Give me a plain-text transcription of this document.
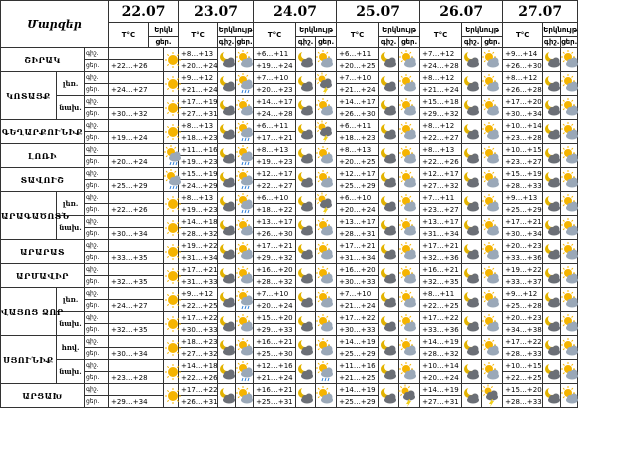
Մարզեր			22.07			23.07			24.07			25.07			26.07			27.07		
			T°C	Երկն		T°C	Երկնույթ		T°C	Երկնույթ		T°C	Երկնույթ		T°C	Երկնույթ		T°C	Երկնույթ	
				ցեր.			գիշ.	ցեր.		գիշ.	ցեր.		գիշ.	ցեր.		գիշ.	ցեր.		գիշ.	ցեր.
ՇԻՐԱԿ		գիշ.				+8…+13			+6…+11			+6…+11			+7…+12			+9…+14	

		ցեր.	+22…+26			+20…+24			+19…+24			+20…+25			+24…+28			+26…+30		
ԿՈՏԱՅՔ	լեռ.	գիշ.				+9…+12			+7…+10			+7…+10			+8…+12			+8…+12	

		ցեր.	+24…+27			+21…+24			+20…+23			+21…+24			+21…+24			+26…+28		
	նախ.	գիշ.				+17…+19			+14…+17			+14…+17			+15…+18			+17…+20	

		ցեր.	+30…+32			+27…+31			+24…+28			+26…+30			+29…+32			+30…+34		
ԳԵՂԱՐՔՈՒՆԻՔ		գիշ.				+8…+13			+6…+11			+6…+11			+8…+12			+10…+14	

		ցեր.	+19…+24			+18…+23			+17…+21			+18…+23			+22…+27			+23…+28		
ԼՈՌԻ		գիշ.				+11…+16			+8…+13			+8…+13			+8…+13			+10…+15	

		ցեր.	+20…+24			+19…+23			+19…+23			+20…+25			+22…+26			+23…+27		
ՏԱՎՈՒՇ		գիշ.				+15…+19			+12…+17			+12…+17			+12…+17			+15…+19	

		ցեր.	+25…+29			+24…+29			+22…+27			+25…+29			+27…+32			+28…+33		
ԱՐԱԳԱԾՈՏՆ	լեռ.	գիշ.				+8…+13			+6…+10			+6…+10			+7…+11			+9…+13	

		ցեր.	+22…+26			+19…+23			+18…+22			+20…+24			+23…+27			+25…+29		
	նախ.	գիշ.				+14…+18			+13…+17			+13…+17			+13…+17			+17…+21	

		ցեր.	+30…+34			+28…+32			+26…+30			+28…+31			+31…+34			+30…+34		
ԱՐԱՐԱՏ		գիշ.				+19…+22			+17…+21			+17…+21			+17…+21			+20…+23	

		ցեր.	+33…+35			+31…+34			+29…+32			+31…+34			+32…+36			+33…+36		
ԱՐՄԱՎԻՐ		գիշ.				+17…+21			+16…+20			+16…+20			+16…+21			+19…+22	

		ցեր.	+32…+35			+31…+33			+28…+32			+30…+33			+32…+35			+33…+37		
ՎԱՅՈՑ ՁՈՐ	լեռ.	գիշ.				+9…+12			+7…+10			+7…+10			+8…+11			+9…+12	

		ցեր.	+24…+27			+22…+25			+20…+24			+21…+24			+22…+25			+25…+28		
	նախ.	գիշ.				+17…+22			+15…+20			+17…+22			+17…+22			+20…+23	

		ցեր.	+32…+35			+30…+33			+29…+33			+30…+33			+33…+36			+34…+38		
ՍՅՈՒՆԻՔ	հով.	գիշ.				+18…+23			+16…+21			+14…+19			+14…+19			+17…+22	

		ցեր.	+30…+34			+27…+32			+25…+30			+25…+29			+28…+32			+28…+33		
	նախ.	գիշ.				+14…+18			+12…+16			+11…+16			+10…+14			+10…+15	

		ցեր.	+23…+28			+22…+26			+21…+24			+21…+25			+20…+24			+22…+25		
ԱՐՑԱԽ		գիշ.				+17…+22			+16…+21			+14…+19			+14…+19			+15…+20	

		ցեր.	+29…+34			+26…+31			+25…+31			+25…+29			+27…+31			+28…+33		
